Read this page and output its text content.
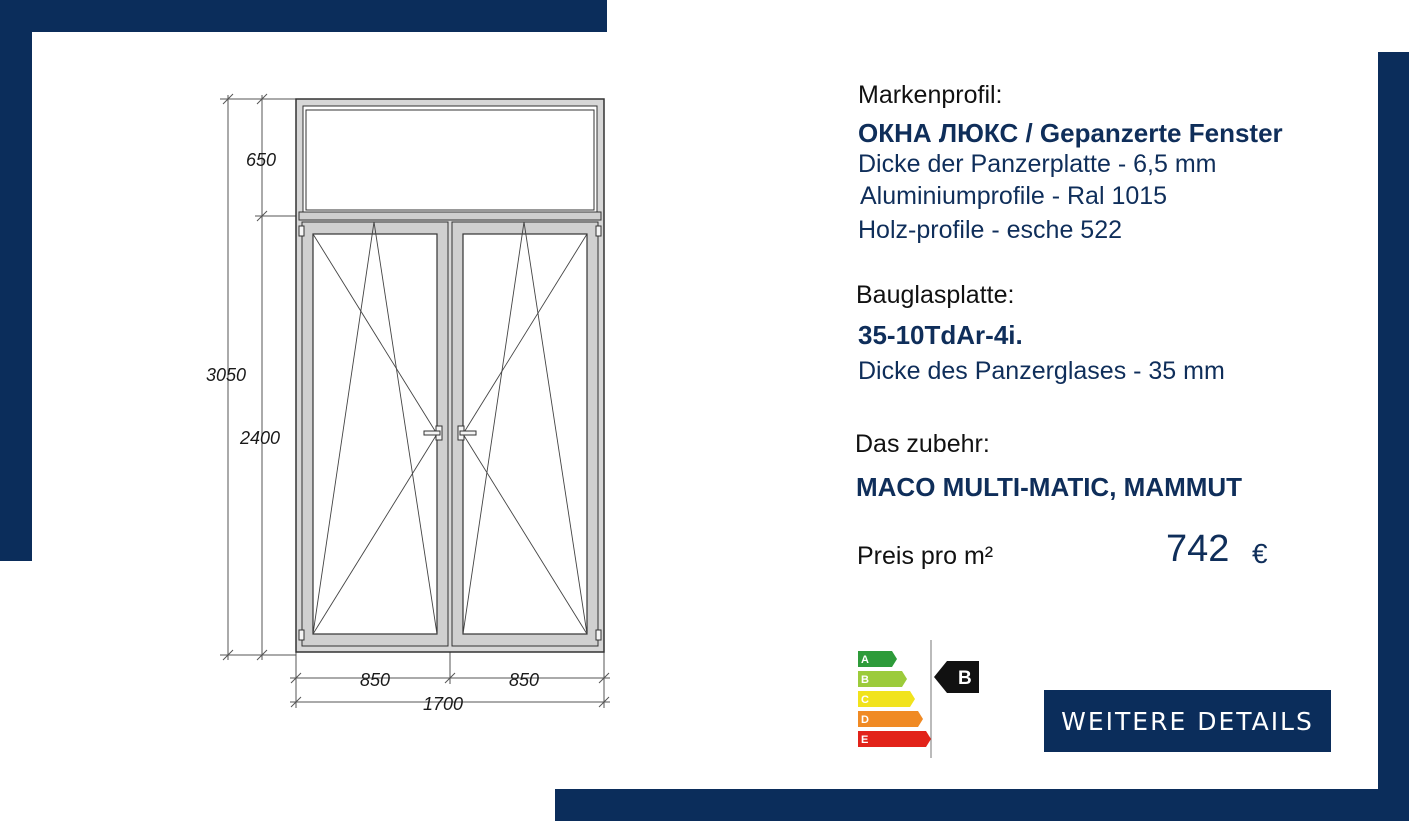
650
3050
2400
850	850
1700
Markenprofil:
ОКНА ЛЮКС / Gepanzerte Fenster
Dicke der Panzerplatte - 6,5 mm
Aluminiumprofile - Ral 1015
Holz-profile - esche 522
Bauglasplatte:
35-10TdAr-4i.
Dicke des Panzerglases - 35 mm
Das zubehr:
MACO MULTI-MATIC, MAMMUT
Preis pro m²	742 €
A
B
C
D
E
B
WEITERE DETAILS
